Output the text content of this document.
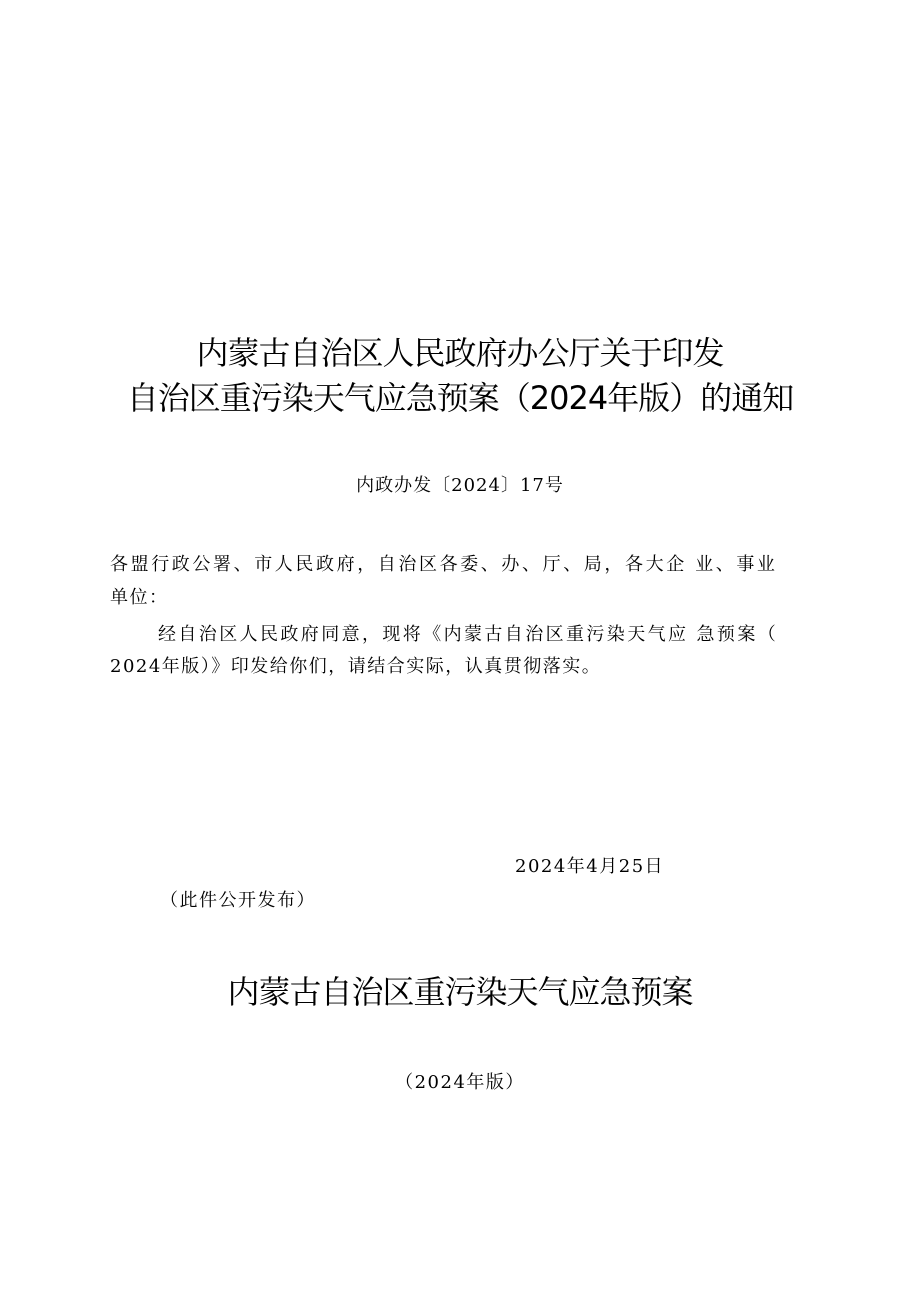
内蒙古自治区人民政府办公厅关于印发
自治区重污染天气应急预案（2024年版）的通知
内政办发〔2024〕17号
各盟行政公署、市人民政府，自治区各委、办、厅、局，各大企 业、事业
单位：
经自治区人民政府同意，现将《内蒙古自治区重污染天气应 急预案（
2024年版）》印发给你们，请结合实际，认真贯彻落实。
2024年4月25日
（此件公开发布）
内蒙古自治区重污染天气应急预案
（2024年版）
